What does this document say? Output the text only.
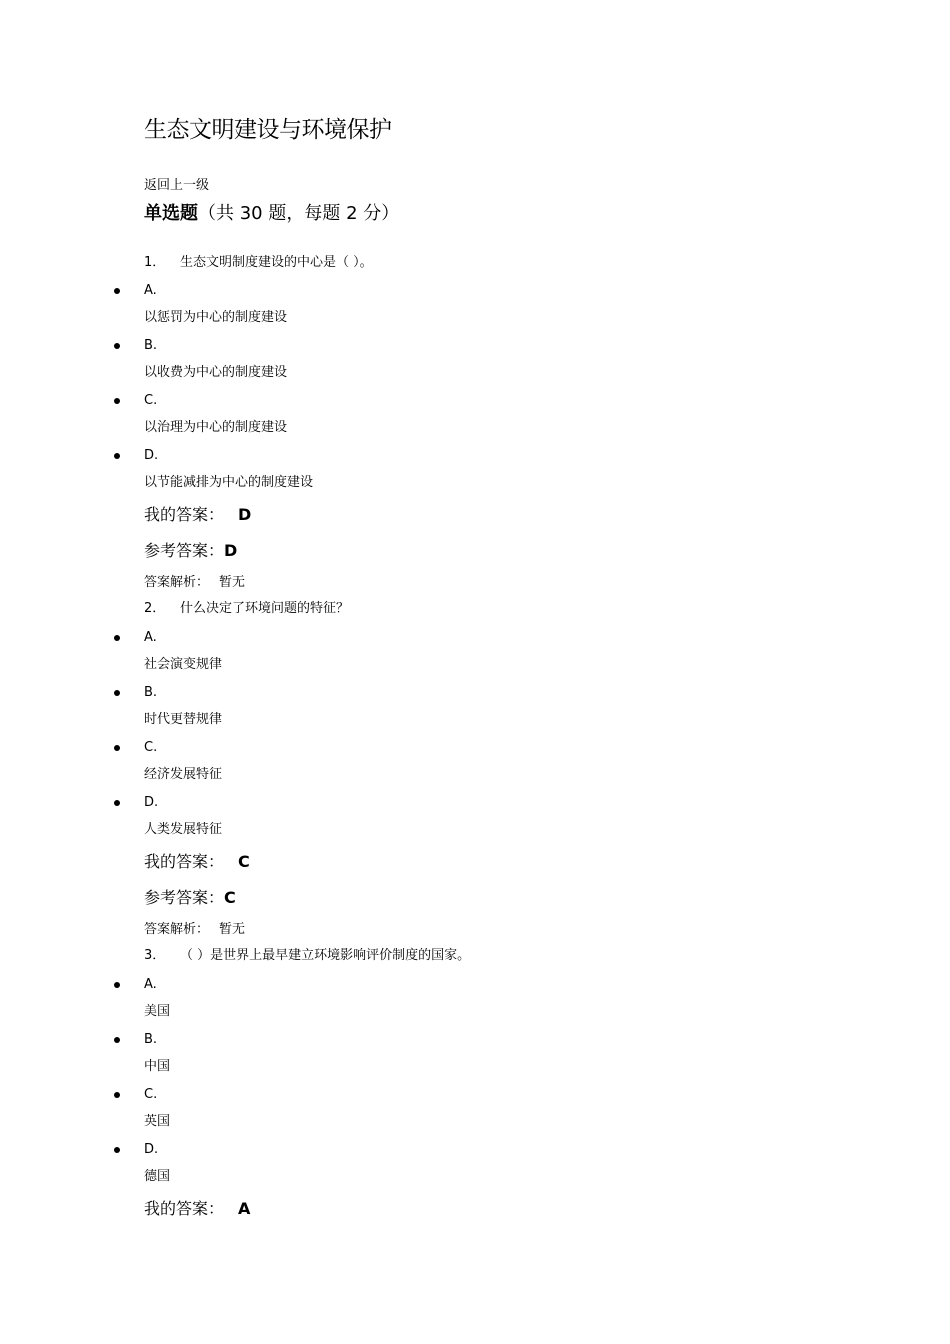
生态文明建设与环境保护
返回上一级
单选题（共 30 题，每题 2 分）
1． 生态文明制度建设的中心是（ ）。
A.
以惩罚为中心的制度建设
B.
以收费为中心的制度建设
C.
以治理为中心的制度建设
D.
以节能减排为中心的制度建设
我的答案： D
参考答案：D
答案解析： 暂无
2． 什么决定了环境问题的特征？
A.
社会演变规律
B.
时代更替规律
C.
经济发展特征
D.
人类发展特征
我的答案： C
参考答案：C
答案解析： 暂无
3． （ ）是世界上最早建立环境影响评价制度的国家。
A.
美国
B.
中国
C.
英国
D.
德国
我的答案： A
